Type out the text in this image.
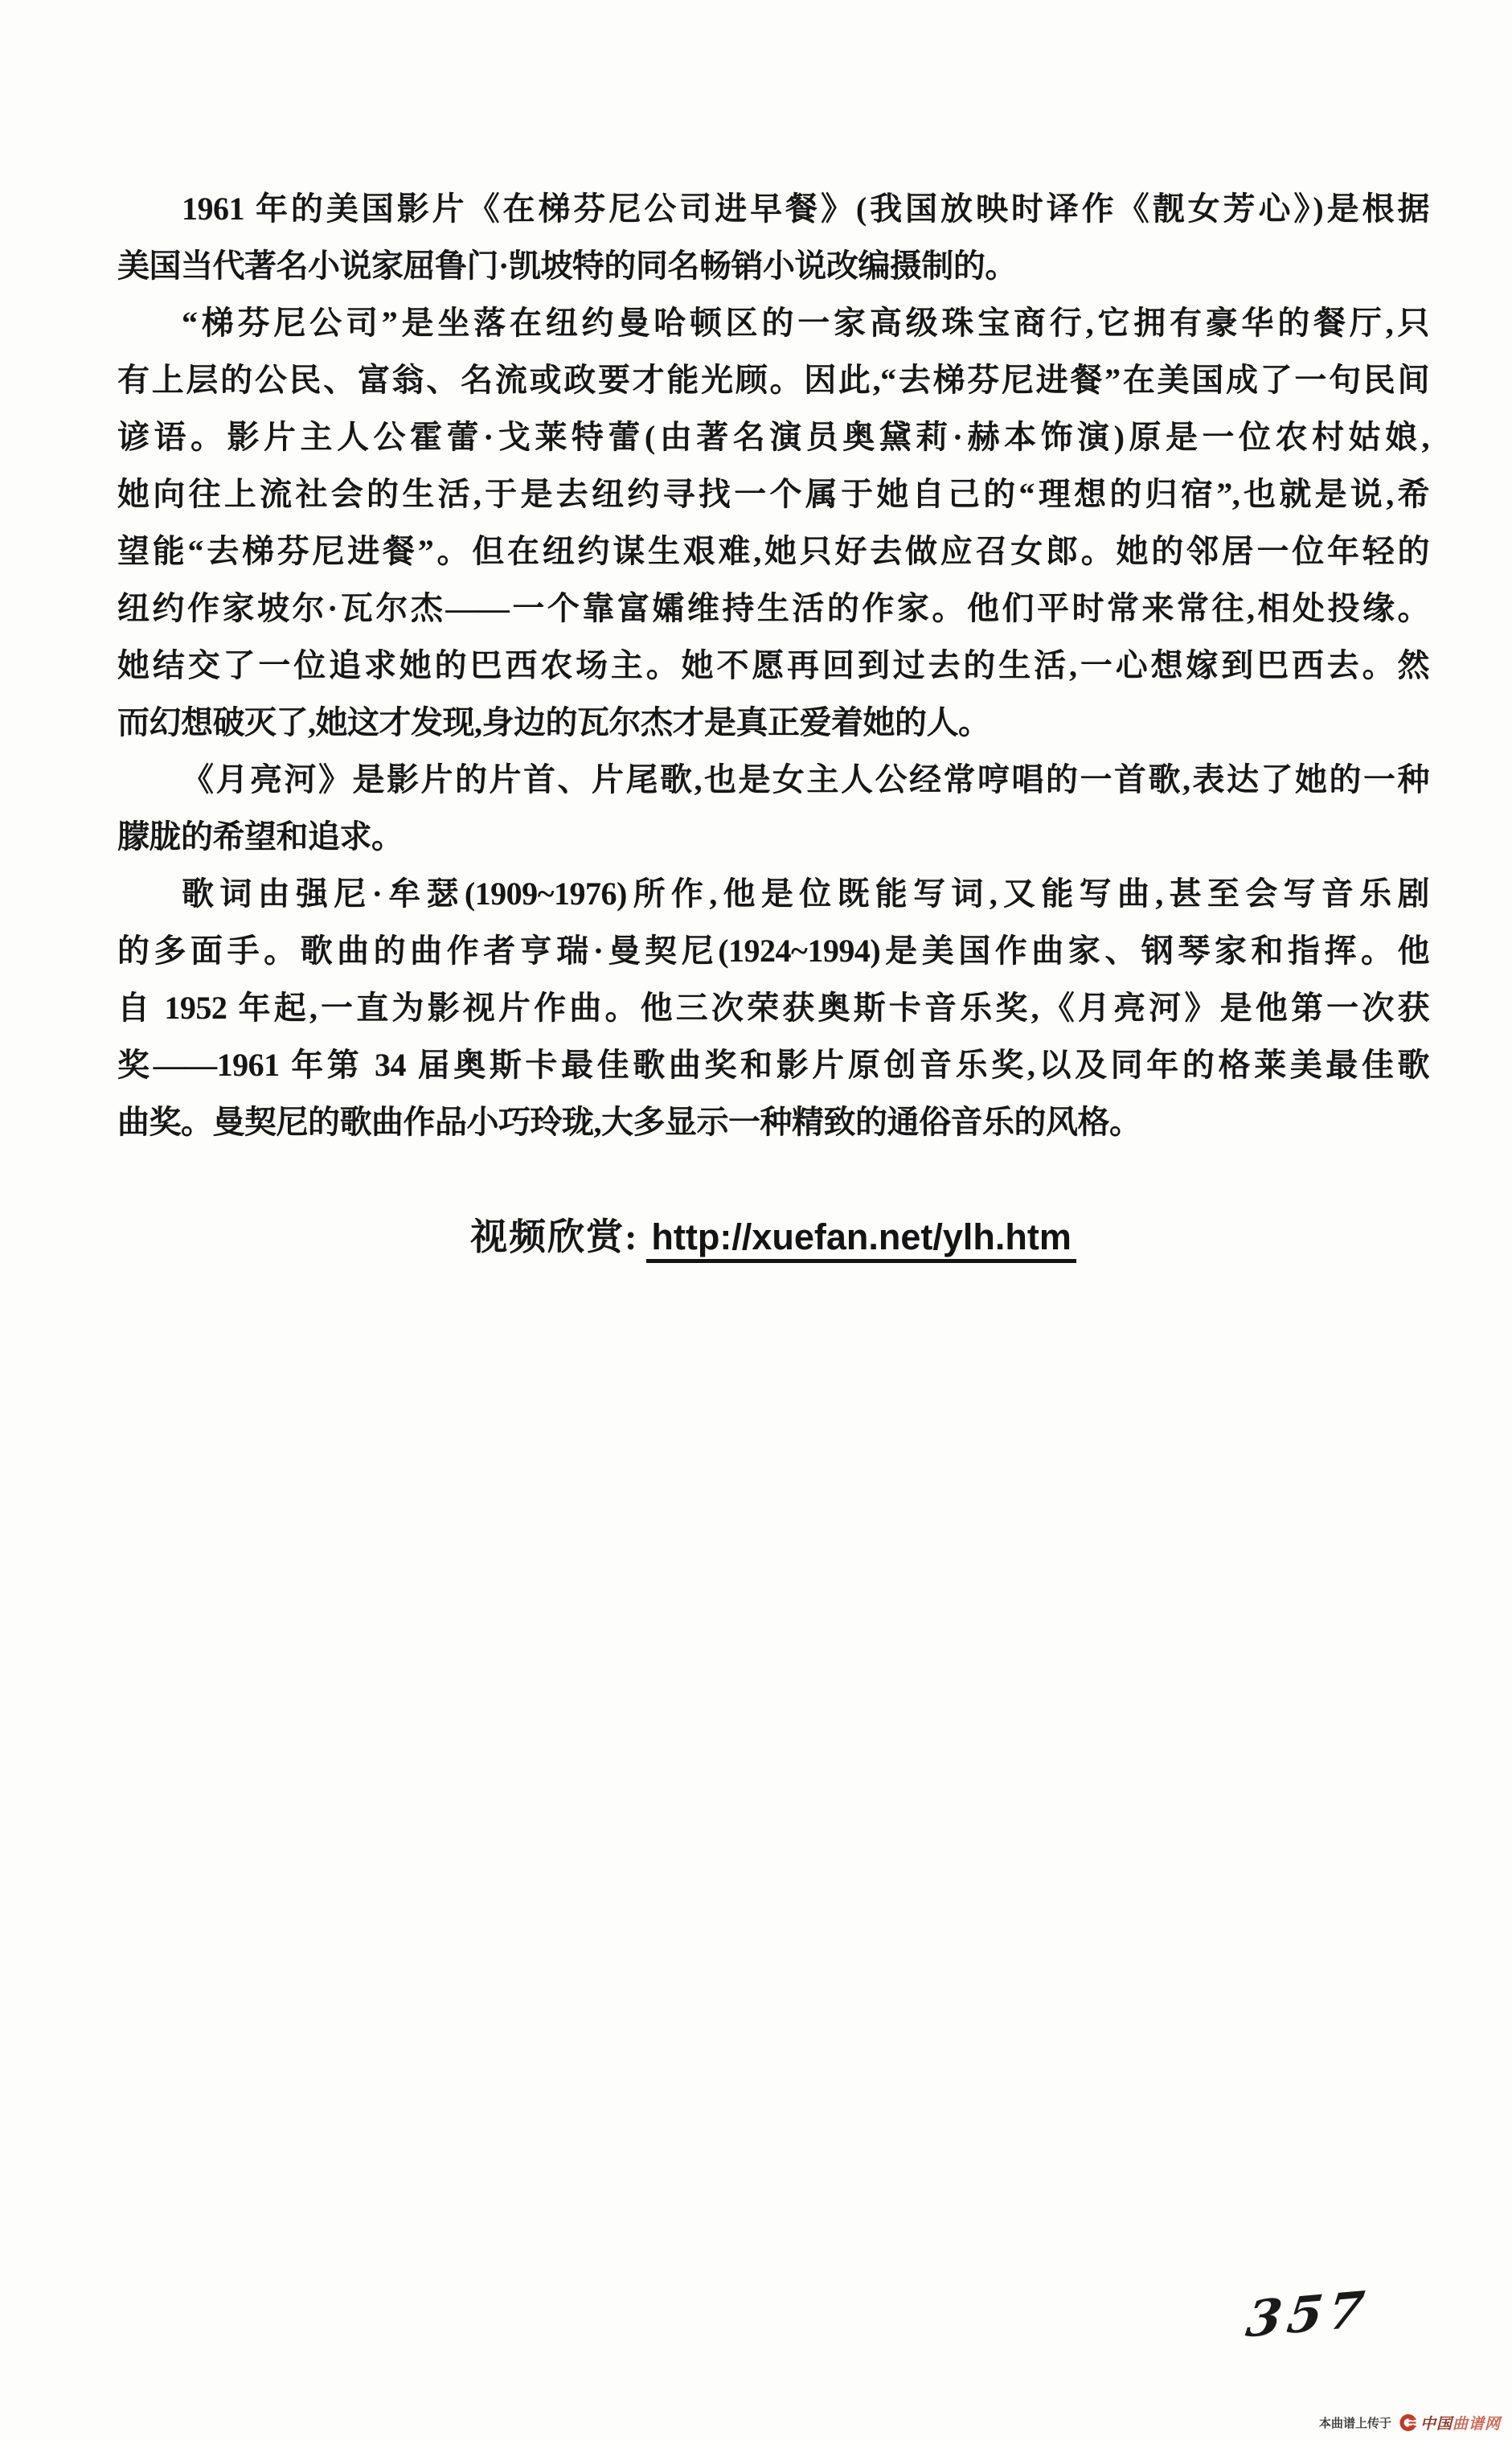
1961 年的美国影片《在梯芬尼公司进早餐》(我国放映时译作《靓女芳心》)是根据
美国当代著名小说家屈鲁门·凯坡特的同名畅销小说改编摄制的。

“梯芬尼公司”是坐落在纽约曼哈顿区的一家高级珠宝商行,它拥有豪华的餐厅,只
有上层的公民、富翁、名流或政要才能光顾。因此,“去梯芬尼进餐”在美国成了一句民间
谚语。影片主人公霍蕾·戈莱特蕾(由著名演员奥黛莉·赫本饰演)原是一位农村姑娘,
她向往上流社会的生活,于是去纽约寻找一个属于她自己的“理想的归宿”,也就是说,希
望能“去梯芬尼进餐”。但在纽约谋生艰难,她只好去做应召女郎。她的邻居一位年轻的
纽约作家坡尔·瓦尔杰——一个靠富孀维持生活的作家。他们平时常来常往,相处投缘。
她结交了一位追求她的巴西农场主。她不愿再回到过去的生活,一心想嫁到巴西去。然
而幻想破灭了,她这才发现,身边的瓦尔杰才是真正爱着她的人。

《月亮河》是影片的片首、片尾歌,也是女主人公经常哼唱的一首歌,表达了她的一种
朦胧的希望和追求。

歌词由强尼·牟瑟(1909~1976)所作,他是位既能写词,又能写曲,甚至会写音乐剧
的多面手。歌曲的曲作者亨瑞·曼契尼(1924~1994)是美国作曲家、钢琴家和指挥。他
自 1952 年起,一直为影视片作曲。他三次荣获奥斯卡音乐奖,《月亮河》是他第一次获
奖——1961 年第 34 届奥斯卡最佳歌曲奖和影片原创音乐奖,以及同年的格莱美最佳歌
曲奖。曼契尼的歌曲作品小巧玲珑,大多显示一种精致的通俗音乐的风格。

视频欣赏: http://xuefan.net/ylh.htm
357
本曲谱上传于 中国 曲谱网
